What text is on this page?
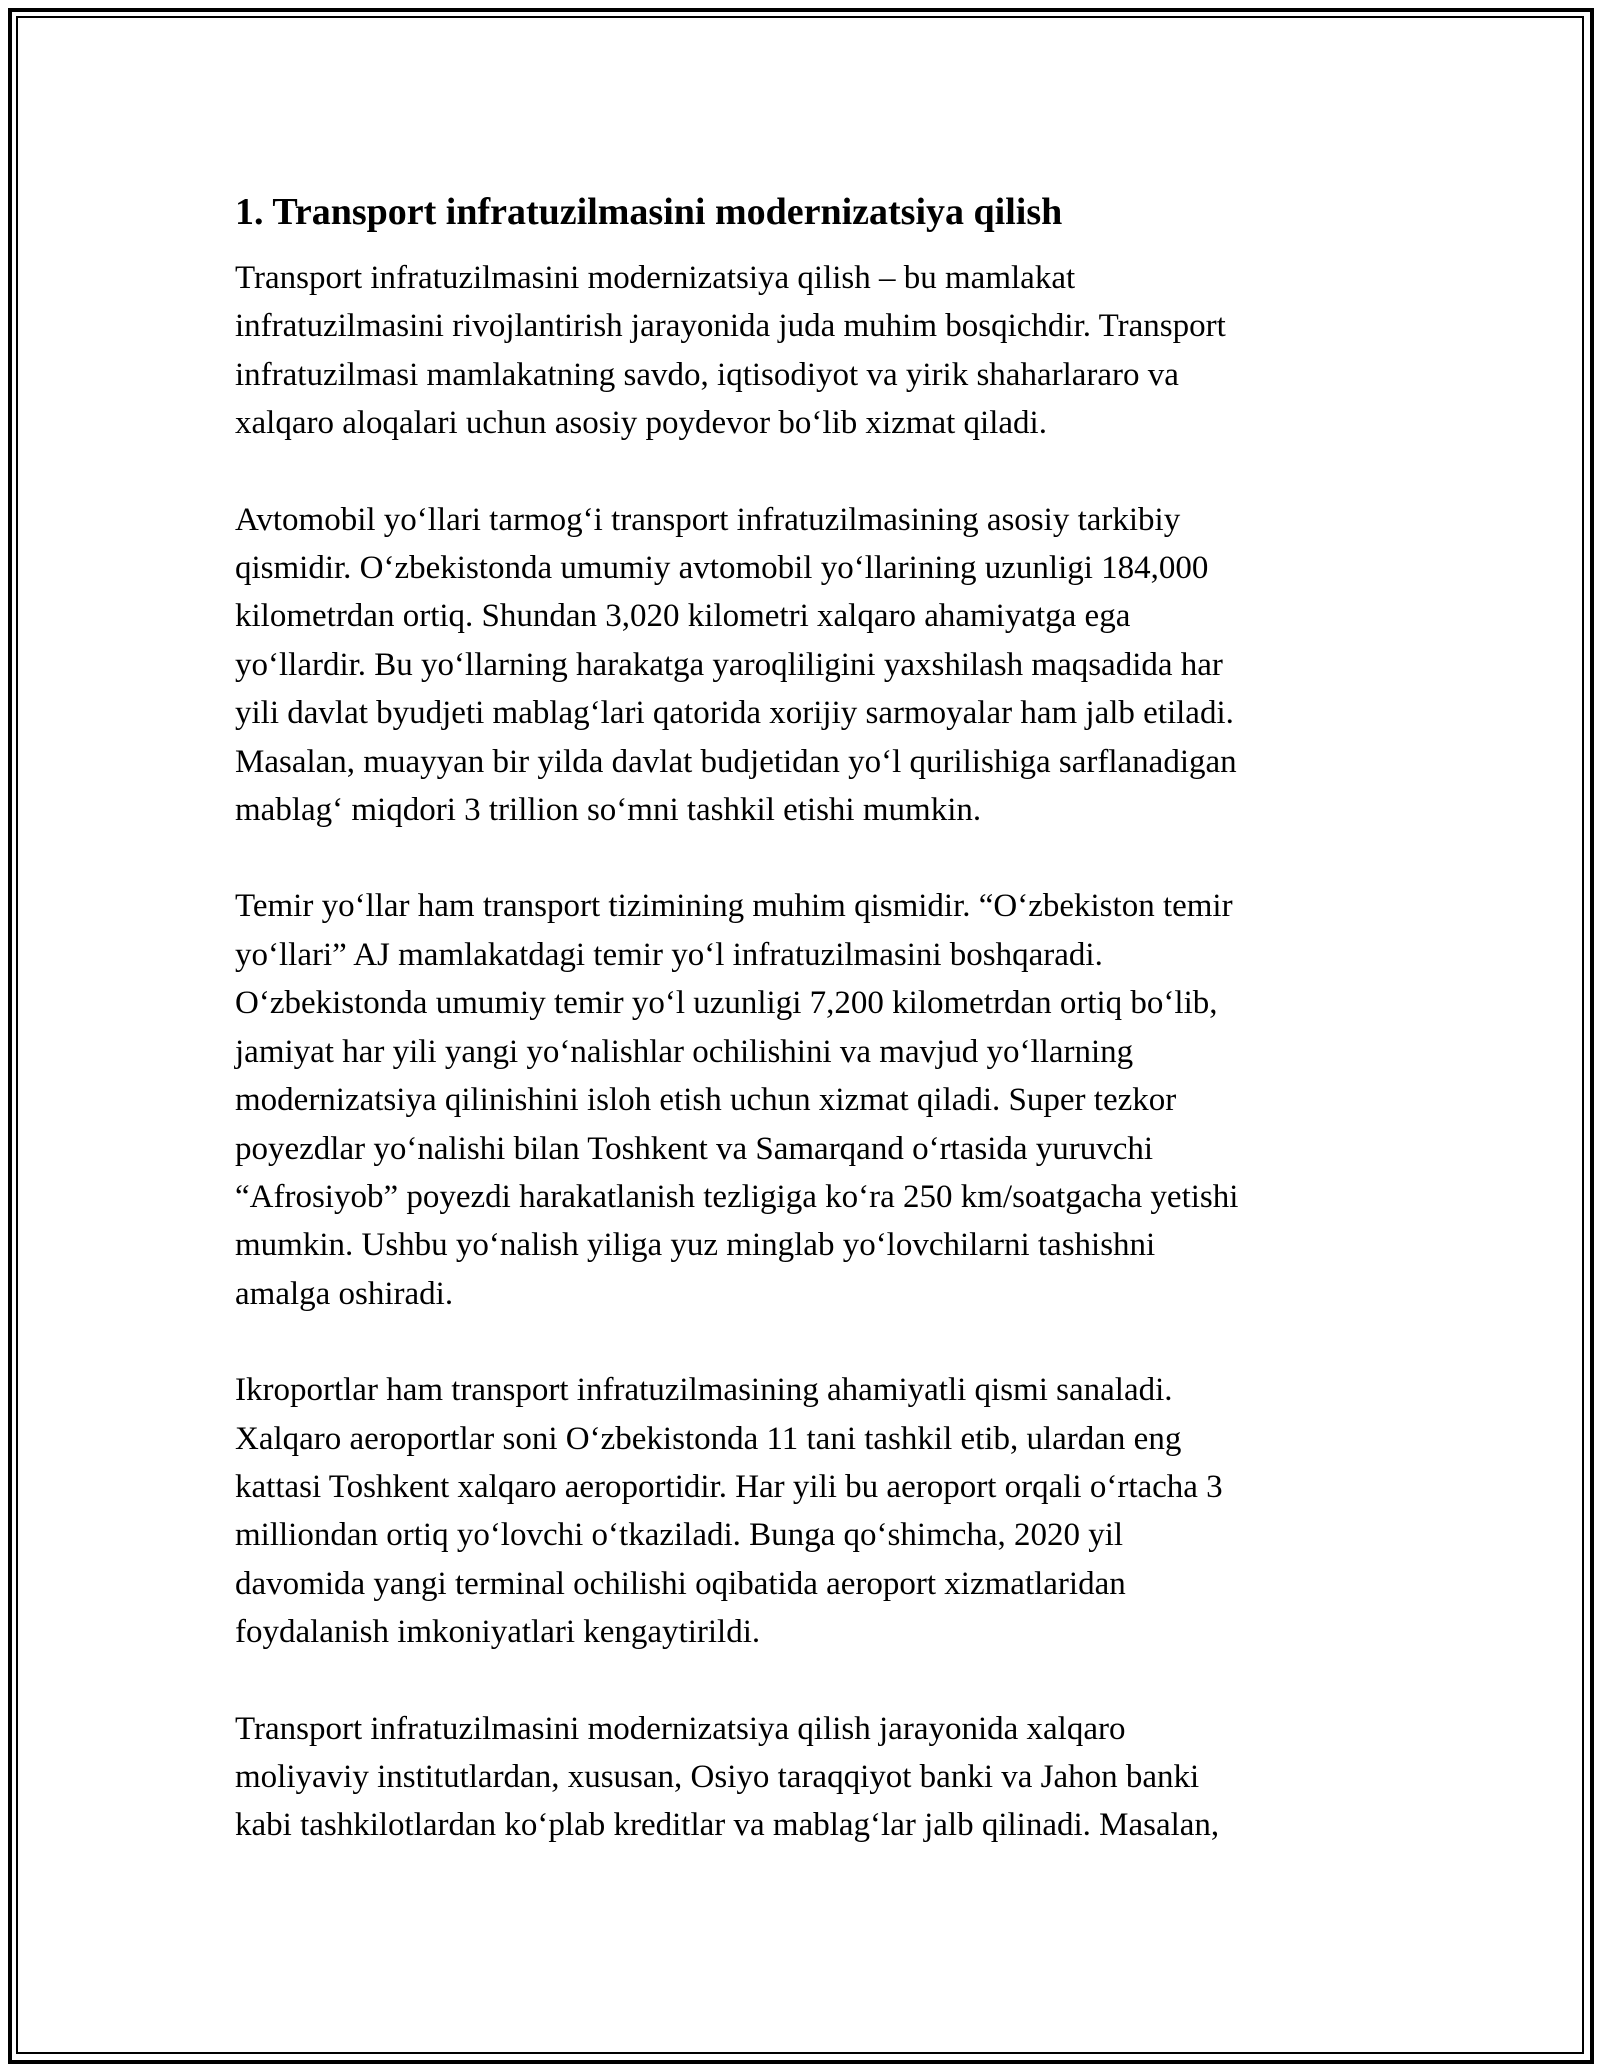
1. Transport infratuzilmasini modernizatsiya qilish

Transport infratuzilmasini modernizatsiya qilish – bu mamlakat
infratuzilmasini rivojlantirish jarayonida juda muhim bosqichdir. Transport
infratuzilmasi mamlakatning savdo, iqtisodiyot va yirik shaharlararo va
xalqaro aloqalari uchun asosiy poydevor bo‘lib xizmat qiladi.

Avtomobil yo‘llari tarmog‘i transport infratuzilmasining asosiy tarkibiy
qismidir. O‘zbekistonda umumiy avtomobil yo‘llarining uzunligi 184,000
kilometrdan ortiq. Shundan 3,020 kilometri xalqaro ahamiyatga ega
yo‘llardir. Bu yo‘llarning harakatga yaroqliligini yaxshilash maqsadida har
yili davlat byudjeti mablag‘lari qatorida xorijiy sarmoyalar ham jalb etiladi.
Masalan, muayyan bir yilda davlat budjetidan yo‘l qurilishiga sarflanadigan
mablag‘ miqdori 3 trillion so‘mni tashkil etishi mumkin.

Temir yo‘llar ham transport tizimining muhim qismidir. “O‘zbekiston temir
yo‘llari” AJ mamlakatdagi temir yo‘l infratuzilmasini boshqaradi.
O‘zbekistonda umumiy temir yo‘l uzunligi 7,200 kilometrdan ortiq bo‘lib,
jamiyat har yili yangi yo‘nalishlar ochilishini va mavjud yo‘llarning
modernizatsiya qilinishini isloh etish uchun xizmat qiladi. Super tezkor
poyezdlar yo‘nalishi bilan Toshkent va Samarqand o‘rtasida yuruvchi
“Afrosiyob” poyezdi harakatlanish tezligiga ko‘ra 250 km/soatgacha yetishi
mumkin. Ushbu yo‘nalish yiliga yuz minglab yo‘lovchilarni tashishni
amalga oshiradi.

Ikroportlar ham transport infratuzilmasining ahamiyatli qismi sanaladi.
Xalqaro aeroportlar soni O‘zbekistonda 11 tani tashkil etib, ulardan eng
kattasi Toshkent xalqaro aeroportidir. Har yili bu aeroport orqali o‘rtacha 3
milliondan ortiq yo‘lovchi o‘tkaziladi. Bunga qo‘shimcha, 2020 yil
davomida yangi terminal ochilishi oqibatida aeroport xizmatlaridan
foydalanish imkoniyatlari kengaytirildi.

Transport infratuzilmasini modernizatsiya qilish jarayonida xalqaro
moliyaviy institutlardan, xususan, Osiyo taraqqiyot banki va Jahon banki
kabi tashkilotlardan ko‘plab kreditlar va mablag‘lar jalb qilinadi. Masalan,
